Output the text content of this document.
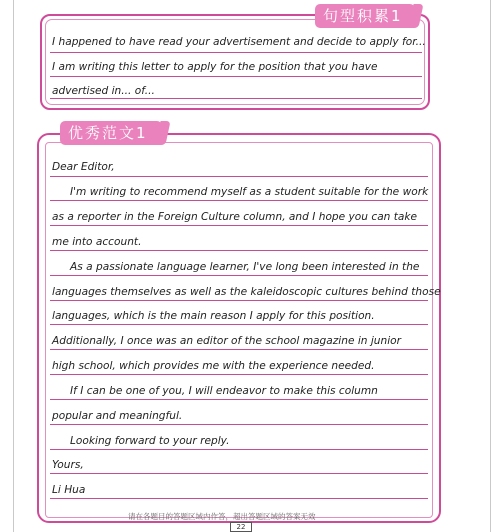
句型积累1
I happened to have read your advertisement and decide to apply for...
I am writing this letter to apply for the position that you have
advertised in... of...
优秀范文1
Dear Editor,
I'm writing to recommend myself as a student suitable for the work
as a reporter in the Foreign Culture column, and I hope you can take
me into account.
As a passionate language learner, I've long been interested in the
languages themselves as well as the kaleidoscopic cultures behind those
languages, which is the main reason I apply for this position.
Additionally, I once was an editor of the school magazine in junior
high school, which provides me with the experience needed.
If I can be one of you, I will endeavor to make this column
popular and meaningful.
Looking forward to your reply.
Yours,
Li Hua
请在各题目的答题区域内作答，超出答题区域的答案无效
22
